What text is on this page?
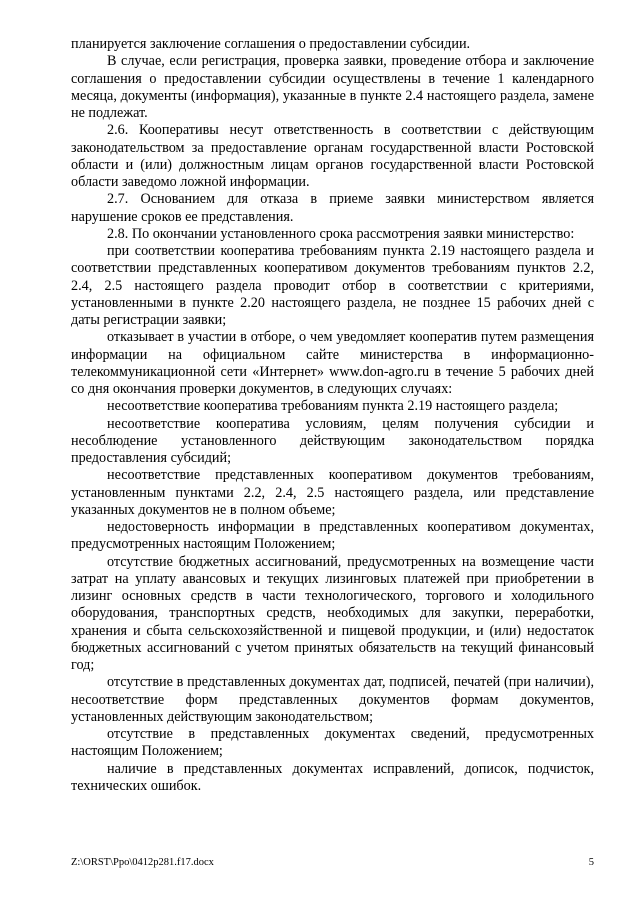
планируется заключение соглашения о предоставлении субсидии.

В случае, если регистрация, проверка заявки, проведение отбора и заключение соглашения о предоставлении субсидии осуществлены в течение 1 календарного месяца, документы (информация), указанные в пункте 2.4 настоящего раздела, замене не подлежат.

2.6. Кооперативы несут ответственность в соответствии с действующим законодательством за предоставление органам государственной власти Ростовской области и (или) должностным лицам органов государственной власти Ростовской области заведомо ложной информации.

2.7. Основанием для отказа в приеме заявки министерством является нарушение сроков ее представления.

2.8. По окончании установленного срока рассмотрения заявки министерство:

при соответствии кооператива требованиям пункта 2.19 настоящего раздела и соответствии представленных кооперативом документов требованиям пунктов 2.2, 2.4, 2.5 настоящего раздела проводит отбор в соответствии с критериями, установленными в пункте 2.20 настоящего раздела, не позднее 15 рабочих дней с даты регистрации заявки;

отказывает в участии в отборе, о чем уведомляет кооператив путем размещения информации на официальном сайте министерства в информационно-телекоммуникационной сети «Интернет» www.don-agro.ru в течение 5 рабочих дней со дня окончания проверки документов, в следующих случаях:

несоответствие кооператива требованиям пункта 2.19 настоящего раздела;

несоответствие кооператива условиям, целям получения субсидии и несоблюдение установленного действующим законодательством порядка предоставления субсидий;

несоответствие представленных кооперативом документов требованиям, установленным пунктами 2.2, 2.4, 2.5 настоящего раздела, или представление указанных документов не в полном объеме;

недостоверность информации в представленных кооперативом документах, предусмотренных настоящим Положением;

отсутствие бюджетных ассигнований, предусмотренных на возмещение части затрат на уплату авансовых и текущих лизинговых платежей при приобретении в лизинг основных средств в части технологического, торгового и холодильного оборудования, транспортных средств, необходимых для закупки, переработки, хранения и сбыта сельскохозяйственной и пищевой продукции, и (или) недостаток бюджетных ассигнований с учетом принятых обязательств на текущий финансовый год;

отсутствие в представленных документах дат, подписей, печатей (при наличии), несоответствие форм представленных документов формам документов, установленных действующим законодательством;

отсутствие в представленных документах сведений, предусмотренных настоящим Положением;

наличие в представленных документах исправлений, дописок, подчисток, технических ошибок.

Z:\ORST\Ppo\0412p281.f17.docx	5
